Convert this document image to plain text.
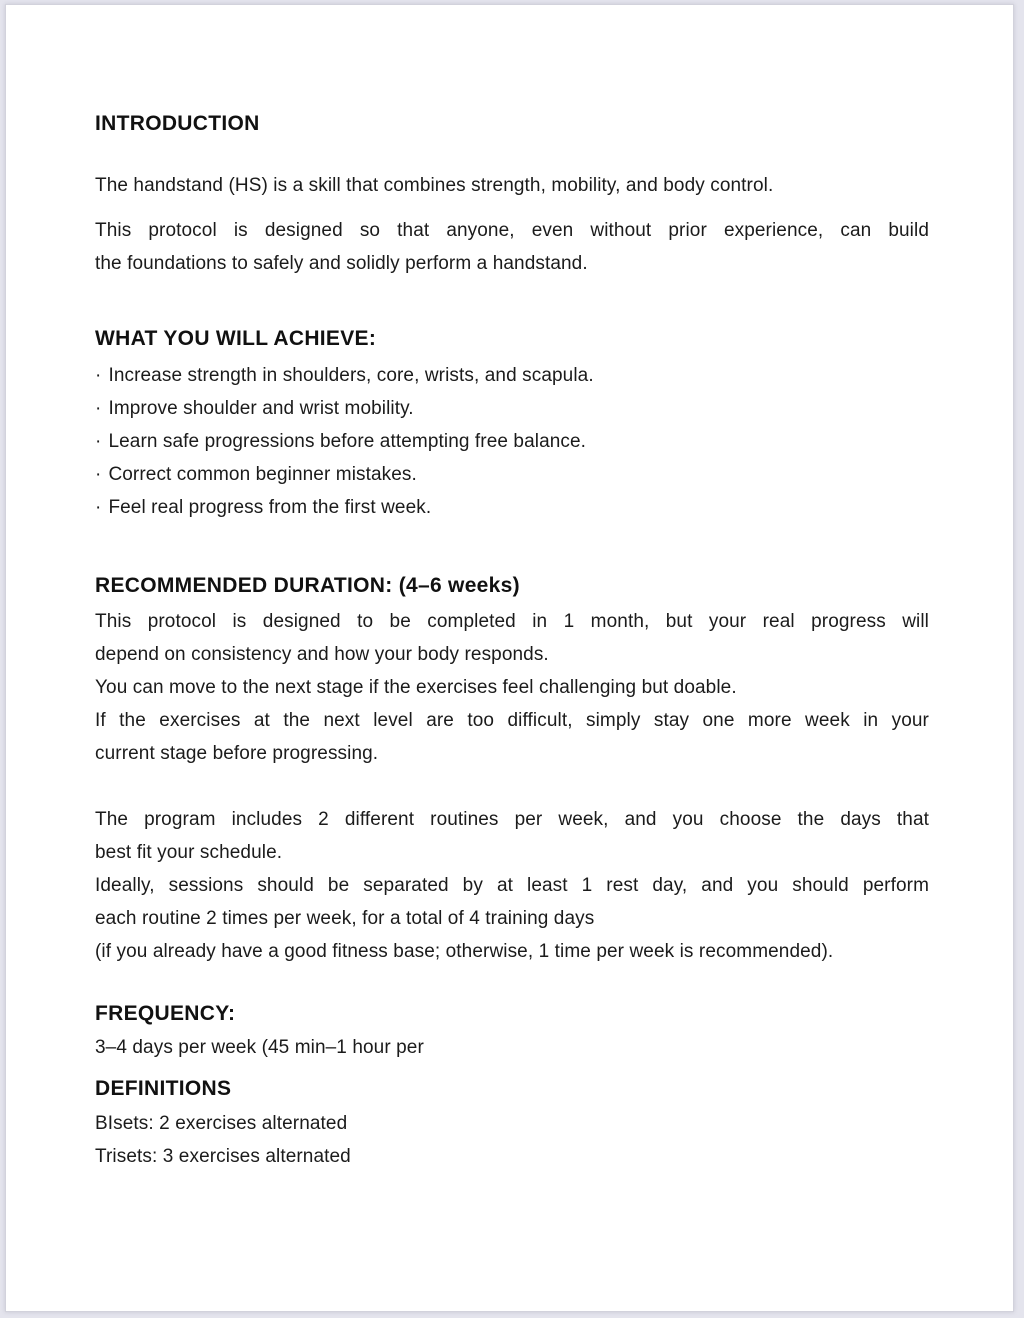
INTRODUCTION
The handstand (HS) is a skill that combines strength, mobility, and body control.
This protocol is designed so that anyone, even without prior experience, can build
the foundations to safely and solidly perform a handstand.
WHAT YOU WILL ACHIEVE:
· Increase strength in shoulders, core, wrists, and scapula.
· Improve shoulder and wrist mobility.
· Learn safe progressions before attempting free balance.
· Correct common beginner mistakes.
· Feel real progress from the first week.
RECOMMENDED DURATION: (4–6 weeks)
This protocol is designed to be completed in 1 month, but your real progress will
depend on consistency and how your body responds.
You can move to the next stage if the exercises feel challenging but doable.
If the exercises at the next level are too difficult, simply stay one more week in your
current stage before progressing.
The program includes 2 different routines per week, and you choose the days that
best fit your schedule.
Ideally, sessions should be separated by at least 1 rest day, and you should perform
each routine 2 times per week, for a total of 4 training days
(if you already have a good fitness base; otherwise, 1 time per week is recommended).
FREQUENCY:
3–4 days per week (45 min–1 hour per
DEFINITIONS
BIsets: 2 exercises alternated
Trisets: 3 exercises alternated
